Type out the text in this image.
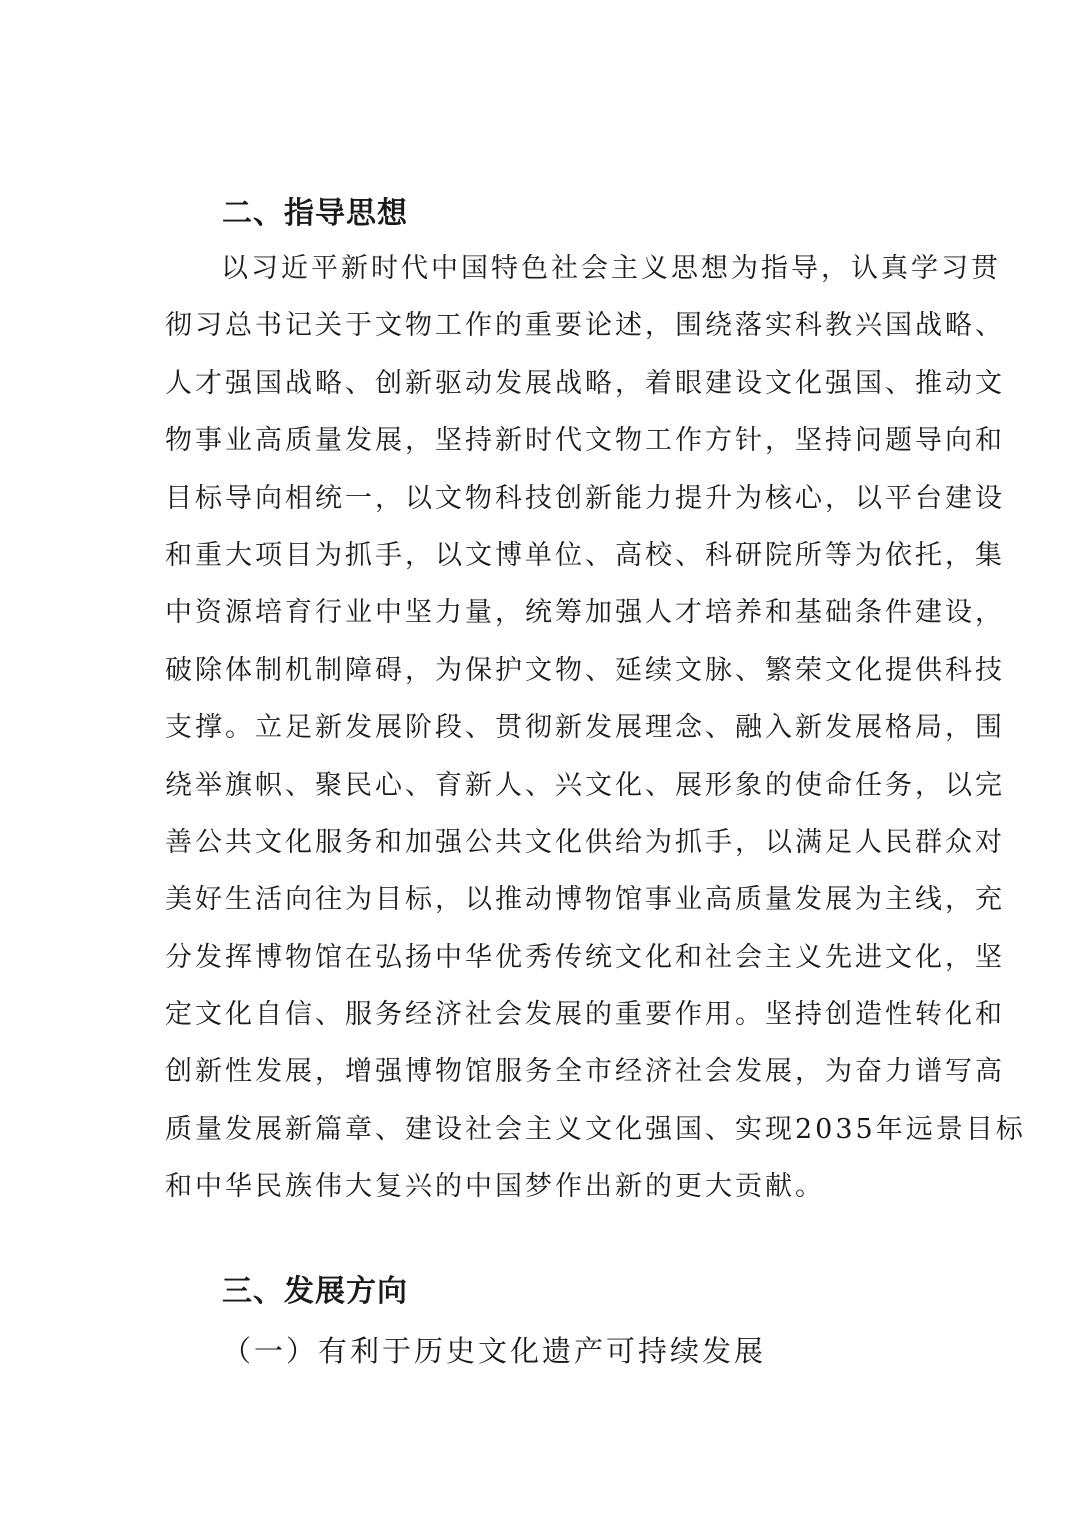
二、指导思想
以习近平新时代中国特色社会主义思想为指导，认真学习贯
彻习总书记关于文物工作的重要论述，围绕落实科教兴国战略、
人才强国战略、创新驱动发展战略，着眼建设文化强国、推动文
物事业高质量发展，坚持新时代文物工作方针，坚持问题导向和
目标导向相统一，以文物科技创新能力提升为核心，以平台建设
和重大项目为抓手，以文博单位、高校、科研院所等为依托，集
中资源培育行业中坚力量，统筹加强人才培养和基础条件建设，
破除体制机制障碍，为保护文物、延续文脉、繁荣文化提供科技
支撑。立足新发展阶段、贯彻新发展理念、融入新发展格局，围
绕举旗帜、聚民心、育新人、兴文化、展形象的使命任务，以完
善公共文化服务和加强公共文化供给为抓手，以满足人民群众对
美好生活向往为目标，以推动博物馆事业高质量发展为主线，充
分发挥博物馆在弘扬中华优秀传统文化和社会主义先进文化，坚
定文化自信、服务经济社会发展的重要作用。坚持创造性转化和
创新性发展，增强博物馆服务全市经济社会发展，为奋力谱写高
质量发展新篇章、建设社会主义文化强国、实现2035年远景目标
和中华民族伟大复兴的中国梦作出新的更大贡献。
三、发展方向

（一）有利于历史文化遗产可持续发展
